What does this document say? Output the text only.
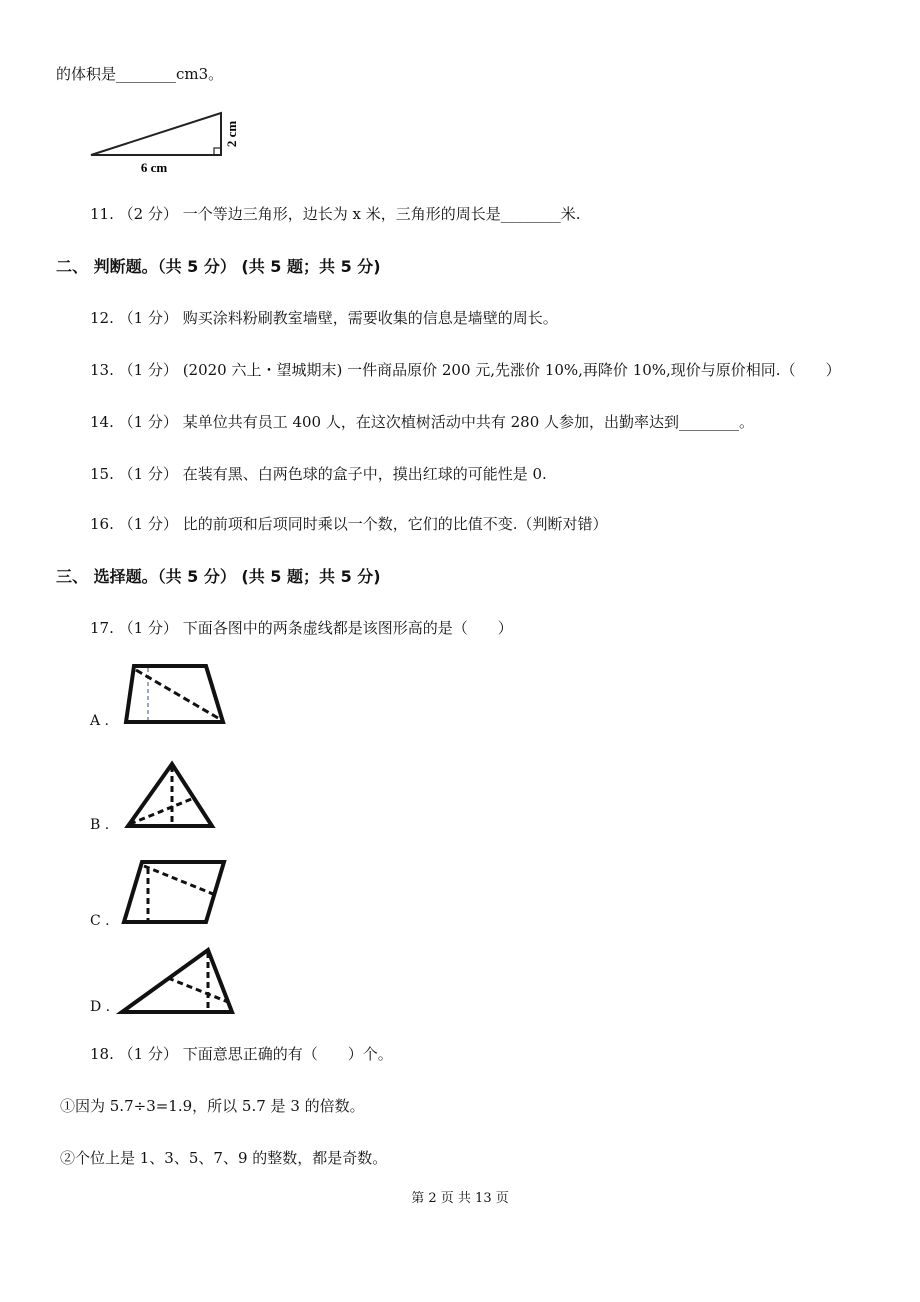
的体积是________cm3。
6 cm
2 cm
11. （2 分） 一个等边三角形，边长为 x 米，三角形的周长是________米.
二、 判断题。（共 5 分） (共 5 题；共 5 分)
12. （1 分） 购买涂料粉刷教室墙壁，需要收集的信息是墙壁的周长。
13. （1 分） (2020 六上・望城期末) 一件商品原价 200 元,先涨价 10%,再降价 10%,现价与原价相同.（　　）
14. （1 分） 某单位共有员工 400 人，在这次植树活动中共有 280 人参加，出勤率达到________。
15. （1 分） 在装有黑、白两色球的盒子中，摸出红球的可能性是 0.
16. （1 分） 比的前项和后项同时乘以一个数，它们的比值不变.（判断对错）
三、 选择题。（共 5 分） (共 5 题；共 5 分)
17. （1 分） 下面各图中的两条虚线都是该图形高的是（　　）
A .
B .
C .
D .
18. （1 分） 下面意思正确的有（　　）个。
①因为 5.7÷3=1.9，所以 5.7 是 3 的倍数。
②个位上是 1、3、5、7、9 的整数，都是奇数。
第 2 页 共 13 页
